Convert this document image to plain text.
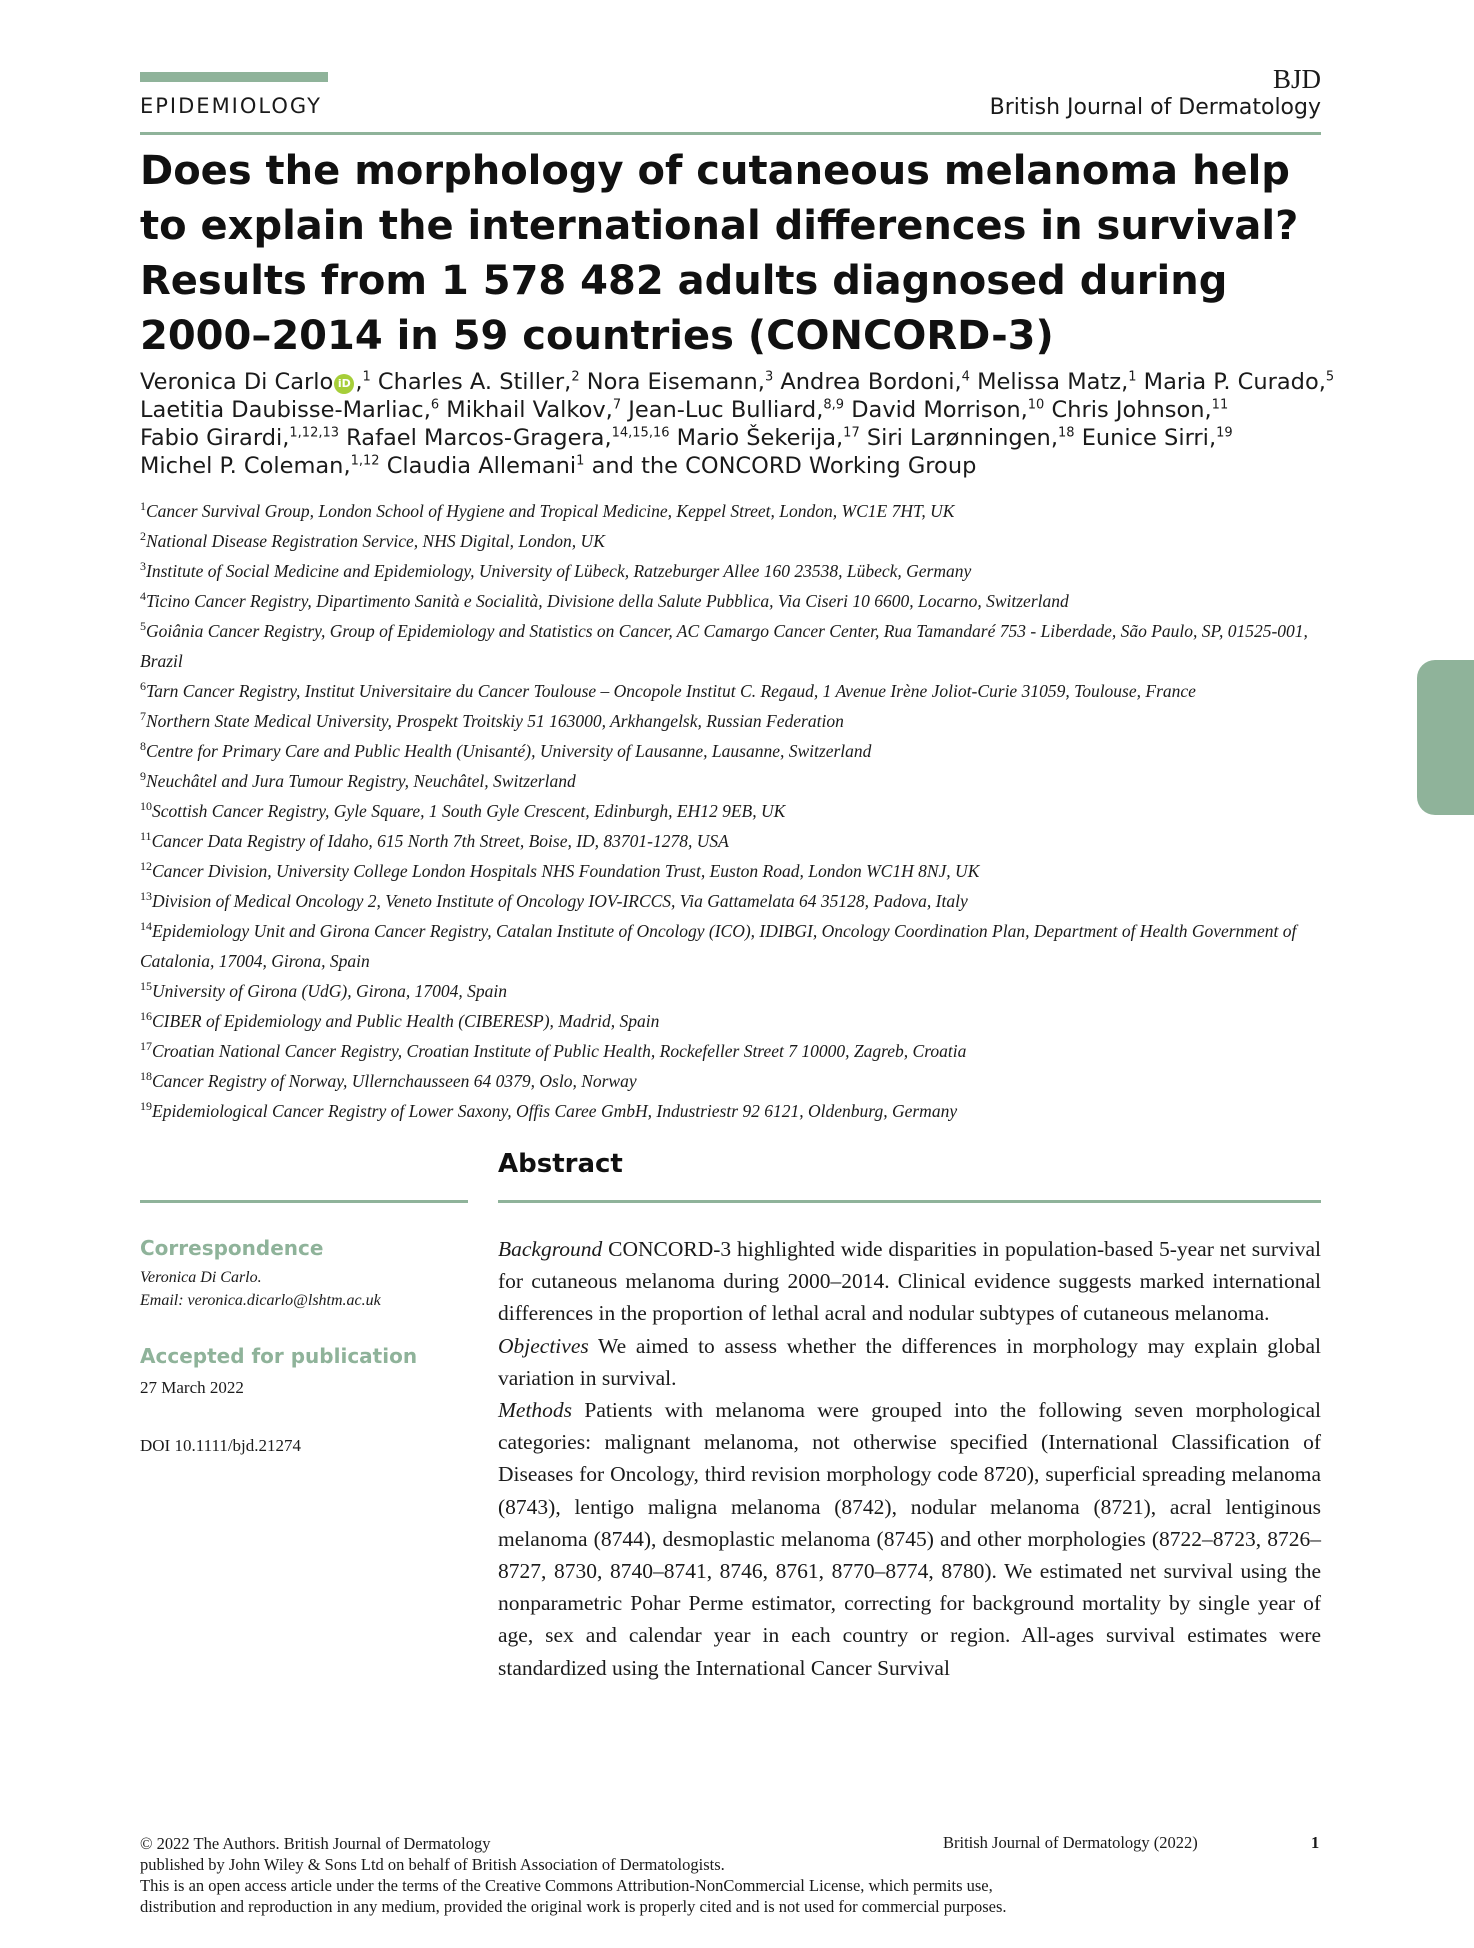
EPIDEMIOLOGY
BJD
British Journal of Dermatology
Does the morphology of cutaneous melanoma help to explain the international differences in survival? Results from 1 578 482 adults diagnosed during 2000–2014 in 59 countries (CONCORD-3)
Veronica Di Carlo iD ,$^1$ Charles A. Stiller,$^2$ Nora Eisemann,$^3$ Andrea Bordoni,$^4$ Melissa Matz,$^1$ Maria P. Curado,$^5$
Laetitia Daubisse-Marliac,$^6$ Mikhail Valkov,$^7$ Jean-Luc Bulliard,$^{8,9}$ David Morrison,$^{10}$ Chris Johnson,$^{11}$
Fabio Girardi,$^{1,12,13}$ Rafael Marcos-Gragera,$^{14,15,16}$ Mario Šekerija,$^{17}$ Siri Larønningen,$^{18}$ Eunice Sirri,$^{19}$
Michel P. Coleman,$^{1,12}$ Claudia Allemani$^1$ and the CONCORD Working Group

$^1$Cancer Survival Group, London School of Hygiene and Tropical Medicine, Keppel Street, London, WC1E 7HT, UK

$^2$National Disease Registration Service, NHS Digital, London, UK

$^3$Institute of Social Medicine and Epidemiology, University of Lübeck, Ratzeburger Allee 160 23538, Lübeck, Germany

$^4$Ticino Cancer Registry, Dipartimento Sanità e Socialità, Divisione della Salute Pubblica, Via Ciseri 10 6600, Locarno, Switzerland

$^5$Goiânia Cancer Registry, Group of Epidemiology and Statistics on Cancer, AC Camargo Cancer Center, Rua Tamandaré 753 - Liberdade, São Paulo, SP, 01525-001, Brazil

$^6$Tarn Cancer Registry, Institut Universitaire du Cancer Toulouse – Oncopole Institut C. Regaud, 1 Avenue Irène Joliot-Curie 31059, Toulouse, France

$^7$Northern State Medical University, Prospekt Troitskiy 51 163000, Arkhangelsk, Russian Federation

$^8$Centre for Primary Care and Public Health (Unisanté), University of Lausanne, Lausanne, Switzerland

$^9$Neuchâtel and Jura Tumour Registry, Neuchâtel, Switzerland

$^{10}$Scottish Cancer Registry, Gyle Square, 1 South Gyle Crescent, Edinburgh, EH12 9EB, UK

$^{11}$Cancer Data Registry of Idaho, 615 North 7th Street, Boise, ID, 83701-1278, USA

$^{12}$Cancer Division, University College London Hospitals NHS Foundation Trust, Euston Road, London WC1H 8NJ, UK

$^{13}$Division of Medical Oncology 2, Veneto Institute of Oncology IOV-IRCCS, Via Gattamelata 64 35128, Padova, Italy

$^{14}$Epidemiology Unit and Girona Cancer Registry, Catalan Institute of Oncology (ICO), IDIBGI, Oncology Coordination Plan, Department of Health Government of Catalonia, 17004, Girona, Spain

$^{15}$University of Girona (UdG), Girona, 17004, Spain

$^{16}$CIBER of Epidemiology and Public Health (CIBERESP), Madrid, Spain

$^{17}$Croatian National Cancer Registry, Croatian Institute of Public Health, Rockefeller Street 7 10000, Zagreb, Croatia

$^{18}$Cancer Registry of Norway, Ullernchausseen 64 0379, Oslo, Norway

$^{19}$Epidemiological Cancer Registry of Lower Saxony, Offis Caree GmbH, Industriestr 92 6121, Oldenburg, Germany

Abstract

Correspondence

Veronica Di Carlo.

Email: veronica.dicarlo@lshtm.ac.uk

Accepted for publication

27 March 2022

DOI 10.1111/bjd.21274

Background CONCORD-3 highlighted wide disparities in population-based 5-year net survival for cutaneous melanoma during 2000–2014. Clinical evidence suggests marked international differences in the proportion of lethal acral and nodular subtypes of cutaneous melanoma.

Objectives We aimed to assess whether the differences in morphology may explain global variation in survival.

Methods Patients with melanoma were grouped into the following seven morphological categories: malignant melanoma, not otherwise specified (International Classification of Diseases for Oncology, third revision morphology code 8720), superficial spreading melanoma (8743), lentigo maligna melanoma (8742), nodular melanoma (8721), acral lentiginous melanoma (8744), desmoplastic melanoma (8745) and other morphologies (8722–8723, 8726–8727, 8730, 8740–8741, 8746, 8761, 8770–8774, 8780). We estimated net survival using the nonparametric Pohar Perme estimator, correcting for background mortality by single year of age, sex and calendar year in each country or region. All-ages survival estimates were standardized using the International Cancer Survival

© 2022 The Authors. British Journal of Dermatology

published by John Wiley & Sons Ltd on behalf of British Association of Dermatologists.

This is an open access article under the terms of the Creative Commons Attribution-NonCommercial License, which permits use,

distribution and reproduction in any medium, provided the original work is properly cited and is not used for commercial purposes.

British Journal of Dermatology (2022)	1
